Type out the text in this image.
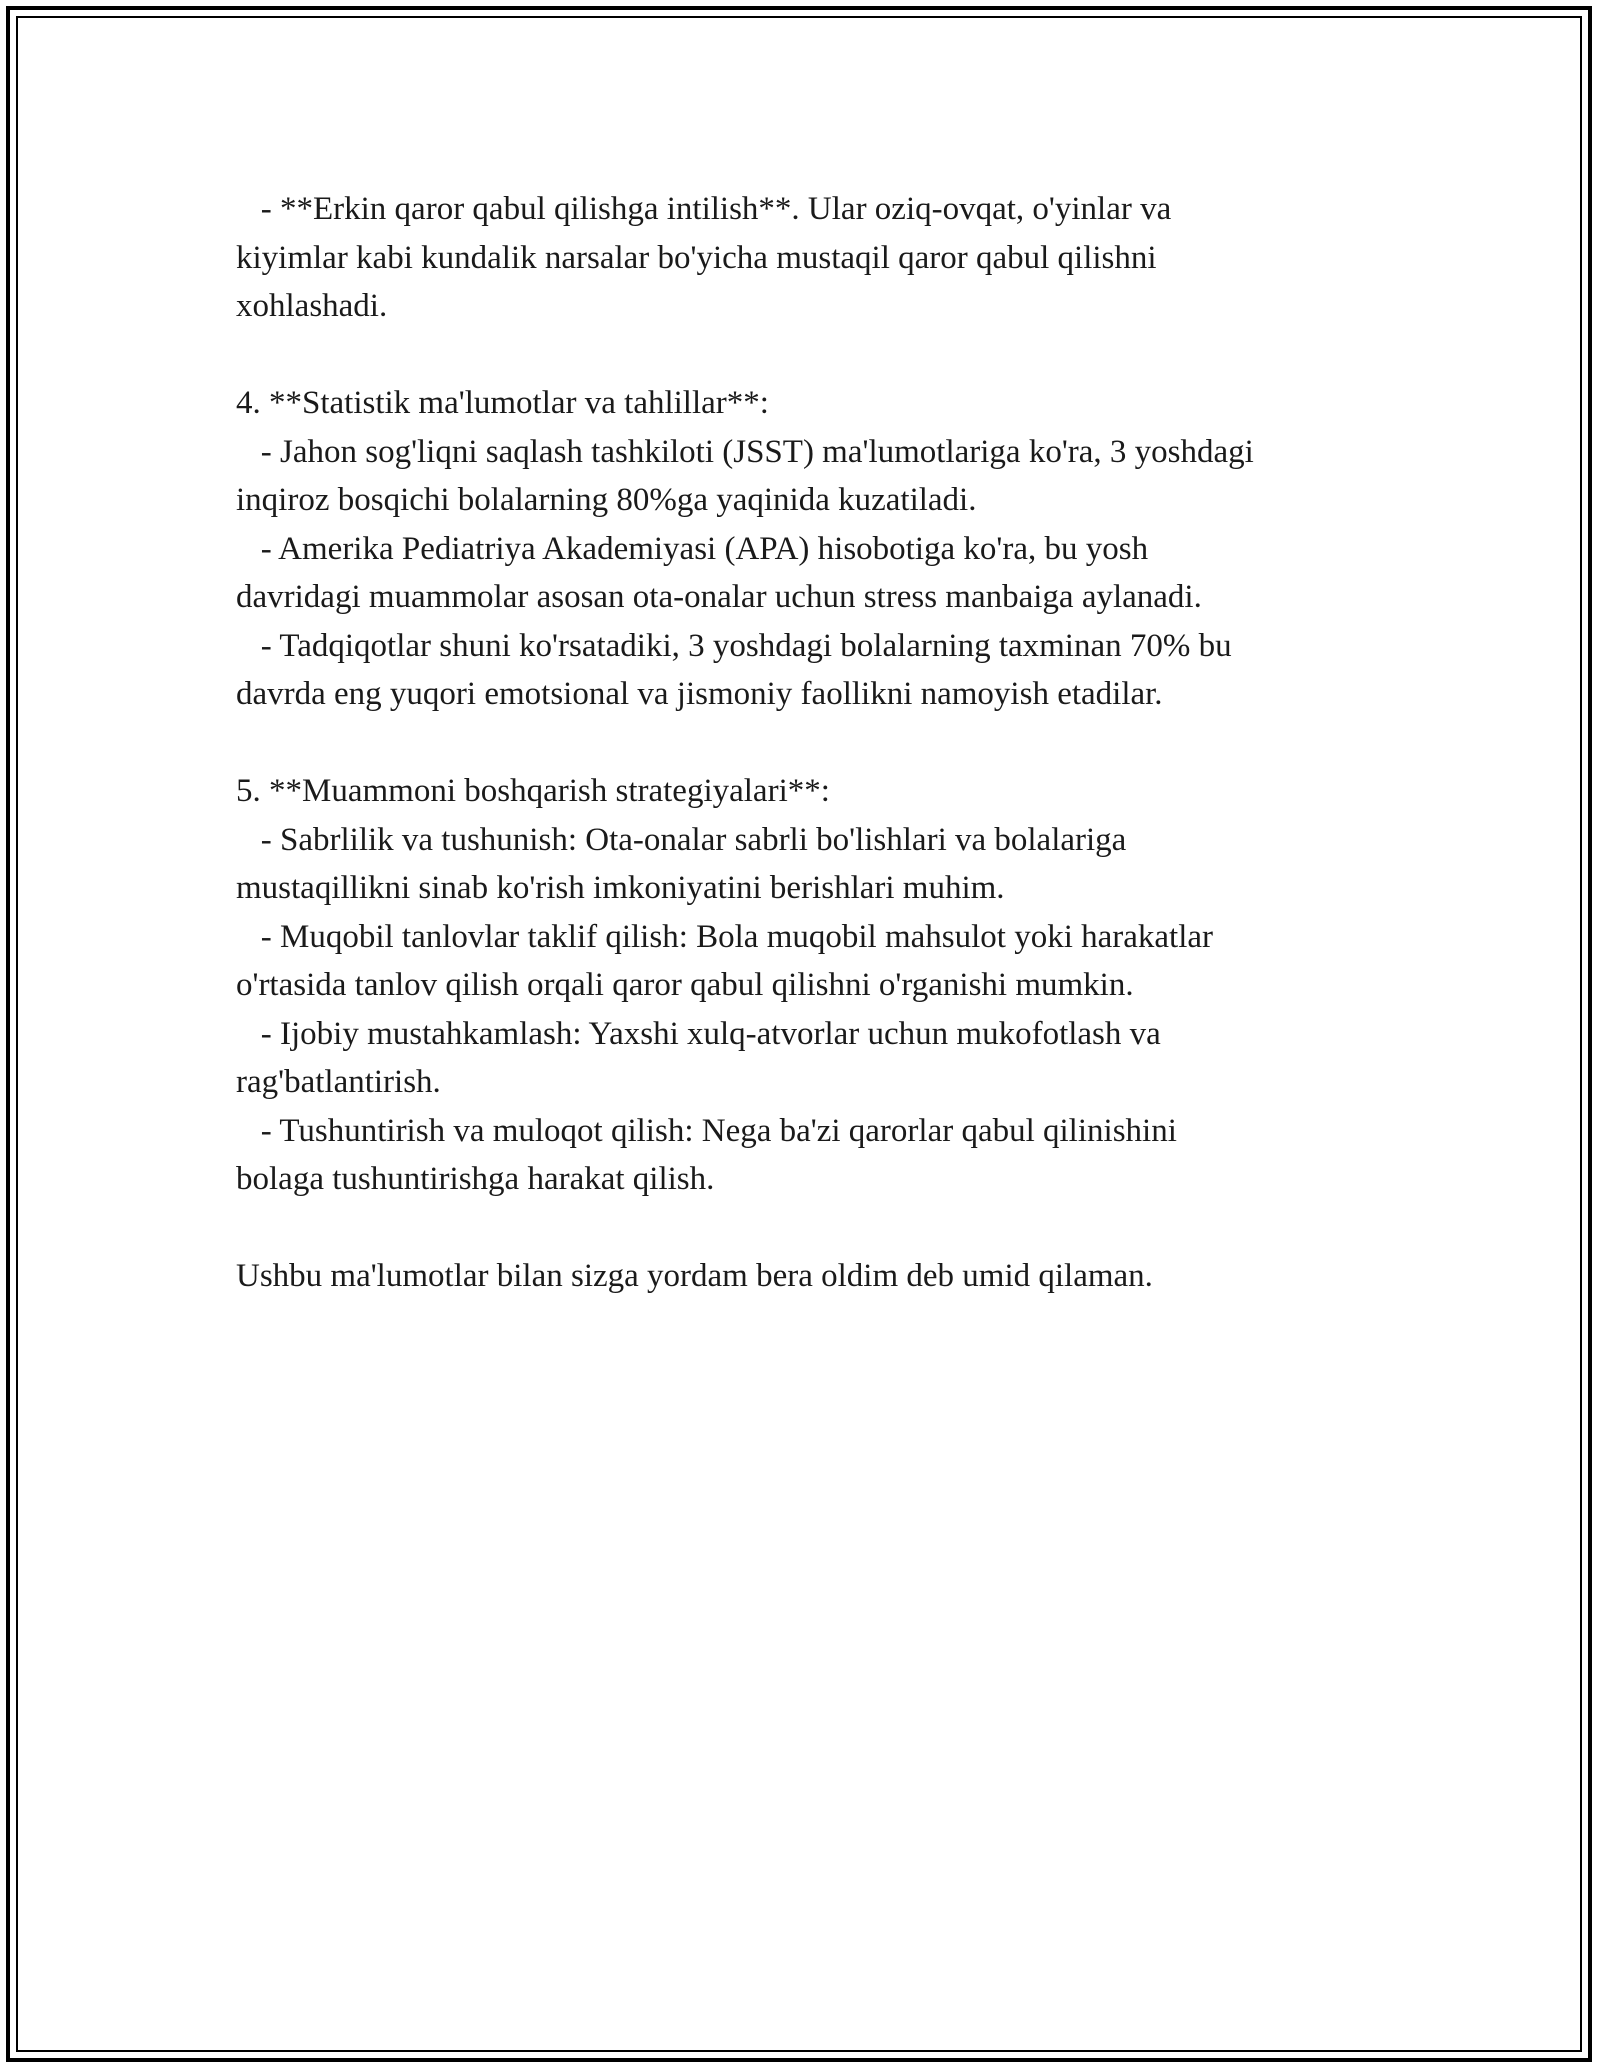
- **Erkin qaror qabul qilishga intilish**. Ular oziq-ovqat, o'yinlar va
kiyimlar kabi kundalik narsalar bo'yicha mustaqil qaror qabul qilishni
xohlashadi.
4. **Statistik ma'lumotlar va tahlillar**:
- Jahon sog'liqni saqlash tashkiloti (JSST) ma'lumotlariga ko'ra, 3 yoshdagi
inqiroz bosqichi bolalarning 80%ga yaqinida kuzatiladi.
- Amerika Pediatriya Akademiyasi (APA) hisobotiga ko'ra, bu yosh
davridagi muammolar asosan ota-onalar uchun stress manbaiga aylanadi.
- Tadqiqotlar shuni ko'rsatadiki, 3 yoshdagi bolalarning taxminan 70% bu
davrda eng yuqori emotsional va jismoniy faollikni namoyish etadilar.
5. **Muammoni boshqarish strategiyalari**:
- Sabrlilik va tushunish: Ota-onalar sabrli bo'lishlari va bolalariga
mustaqillikni sinab ko'rish imkoniyatini berishlari muhim.
- Muqobil tanlovlar taklif qilish: Bola muqobil mahsulot yoki harakatlar
o'rtasida tanlov qilish orqali qaror qabul qilishni o'rganishi mumkin.
- Ijobiy mustahkamlash: Yaxshi xulq-atvorlar uchun mukofotlash va
rag'batlantirish.
- Tushuntirish va muloqot qilish: Nega ba'zi qarorlar qabul qilinishini
bolaga tushuntirishga harakat qilish.
Ushbu ma'lumotlar bilan sizga yordam bera oldim deb umid qilaman.
